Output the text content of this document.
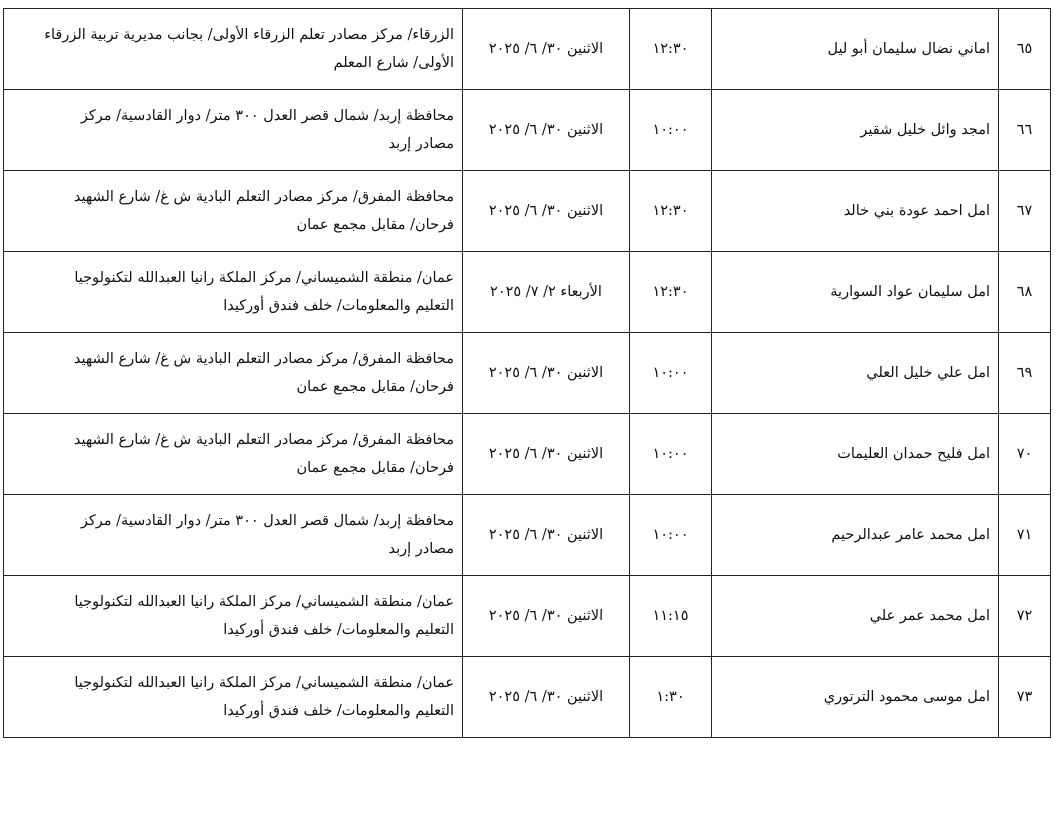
٦٥	اماني نضال سليمان أبو ليل	١٢:٣٠	الاثنين ٣٠/ ٦/ ٢٠٢٥	الزرقاء/ مركز مصادر تعلم الزرقاء الأولى/ بجانب مديرية تربية الزرقاء
الأولى/ شارع المعلم

٦٦	امجد وائل خليل شقير	١٠:٠٠	الاثنين ٣٠/ ٦/ ٢٠٢٥	محافظة إربد/ شمال قصر العدل ٣٠٠ متر/ دوار القادسية/ مركز
مصادر إربد

٦٧	امل احمد عودة بني خالد	١٢:٣٠	الاثنين ٣٠/ ٦/ ٢٠٢٥	محافظة المفرق/ مركز مصادر التعلم البادية ش غ/ شارع الشهيد
فرحان/ مقابل مجمع عمان

٦٨	امل سليمان عواد السوارية	١٢:٣٠	الأربعاء ٢/ ٧/ ٢٠٢٥	عمان/ منطقة الشميساني/ مركز الملكة رانيا العبدالله لتكنولوجيا
التعليم والمعلومات/ خلف فندق أوركيدا

٦٩	امل علي خليل العلي	١٠:٠٠	الاثنين ٣٠/ ٦/ ٢٠٢٥	محافظة المفرق/ مركز مصادر التعلم البادية ش غ/ شارع الشهيد
فرحان/ مقابل مجمع عمان

٧٠	امل فليح حمدان العليمات	١٠:٠٠	الاثنين ٣٠/ ٦/ ٢٠٢٥	محافظة المفرق/ مركز مصادر التعلم البادية ش غ/ شارع الشهيد
فرحان/ مقابل مجمع عمان

٧١	امل محمد عامر عبدالرحيم	١٠:٠٠	الاثنين ٣٠/ ٦/ ٢٠٢٥	محافظة إربد/ شمال قصر العدل ٣٠٠ متر/ دوار القادسية/ مركز
مصادر إربد

٧٢	امل محمد عمر علي	١١:١٥	الاثنين ٣٠/ ٦/ ٢٠٢٥	عمان/ منطقة الشميساني/ مركز الملكة رانيا العبدالله لتكنولوجيا
التعليم والمعلومات/ خلف فندق أوركيدا

٧٣	امل موسى محمود الترتوري	١:٣٠	الاثنين ٣٠/ ٦/ ٢٠٢٥	عمان/ منطقة الشميساني/ مركز الملكة رانيا العبدالله لتكنولوجيا
التعليم والمعلومات/ خلف فندق أوركيدا
